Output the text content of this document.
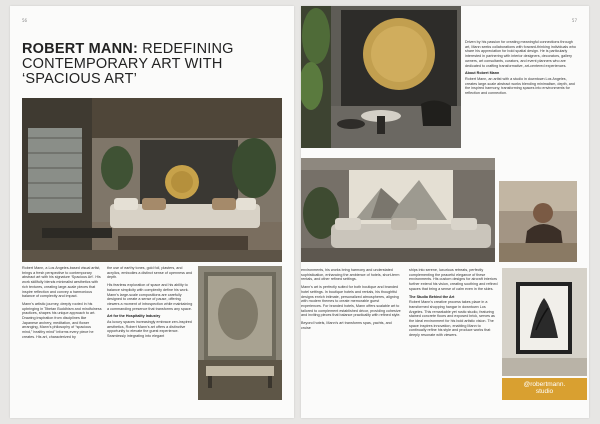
56
ROBERT MANN: REDEFINING CONTEMPORARY ART WITH ‘SPACIOUS ART’

Robert Mann, a Los Angeles-based visual artist, brings a fresh perspective to contemporary abstract art with his signature ‘Spacious Art’. His work skillfully blends minimalist aesthetics with rich textures, creating large-scale pieces that inspire reflection and convey a harmonious balance of complexity and impact.

Mann’s artistic journey, deeply rooted in his upbringing in Tibetan Buddhism and mindfulness practices, shapes his unique approach to art. Drawing inspiration from disciplines like Japanese archery, meditation, and flower arranging, Mann’s philosophy of “spacious mind,” healthy mind” informs every piece he creates. His art, characterized by

the use of earthy tones, gold foil, plasters, and acrylics, embodies a distinct sense of openness and depth.

His fearless exploration of space and his ability to balance simplicity with complexity define his work. Mann’s large-scale compositions are carefully designed to create a sense of pause, offering viewers a moment of introspection while maintaining a commanding presence that transforms any space.

Art for the Hospitality Industry

As luxury spaces increasingly embrace zen-inspired aesthetics, Robert Mann’s art offers a distinctive opportunity to elevate the guest experience. Seamlessly integrating into elegant

57

Driven by his passion for creating meaningful connections through art, Mann seeks collaborations with forward-thinking individuals who share his appreciation for bold spatial design. He is particularly interested in partnering with interior designers, decorators, gallery owners, art consultants, curators, and event planners who are dedicated to crafting transformative, art-centered experiences.

About Robert Mann

Robert Mann, an artist with a studio in downtown Los Angeles, creates large-scale abstract works blending minimalism, depth, and the inspired harmony, transforming spaces into environments for reflection and connection.

environments, his works bring harmony and understated sophistication, enhancing the ambience of hotels, short-term rentals, and other refined settings.

Mann’s art is perfectly suited for both boutique and branded hotel settings. In boutique hotels and rentals, his thoughtful designs enrich intimate, personalized atmospheres, aligning with modern themes to create memorable guest experiences. For branded hotels, Mann offers scalable art to tailored to complement established décor, providing cohesive and inviting pieces that balance practicality with refined style.

Beyond hotels, Mann’s art transforms spas, yachts, and cruise

ships into serene, luxurious retreats, perfectly complementing the peaceful elegance of these environments. His custom designs for aircraft interiors further extend his vision, creating soothing and refined spaces that bring a sense of calm even in the skies.

The Studio Behind the Art

Robert Mann’s creative process takes place in a transformed shopping hangar in downtown Los Angeles. This remarkable yet rustic studio, featuring stained concrete floors and exposed brick, serves as the ideal environment for his bold artistic vision. The space inspires innovation, enabling Mann to continually refine his style and produce works that deeply resonate with viewers.

@robertmann.
studio
